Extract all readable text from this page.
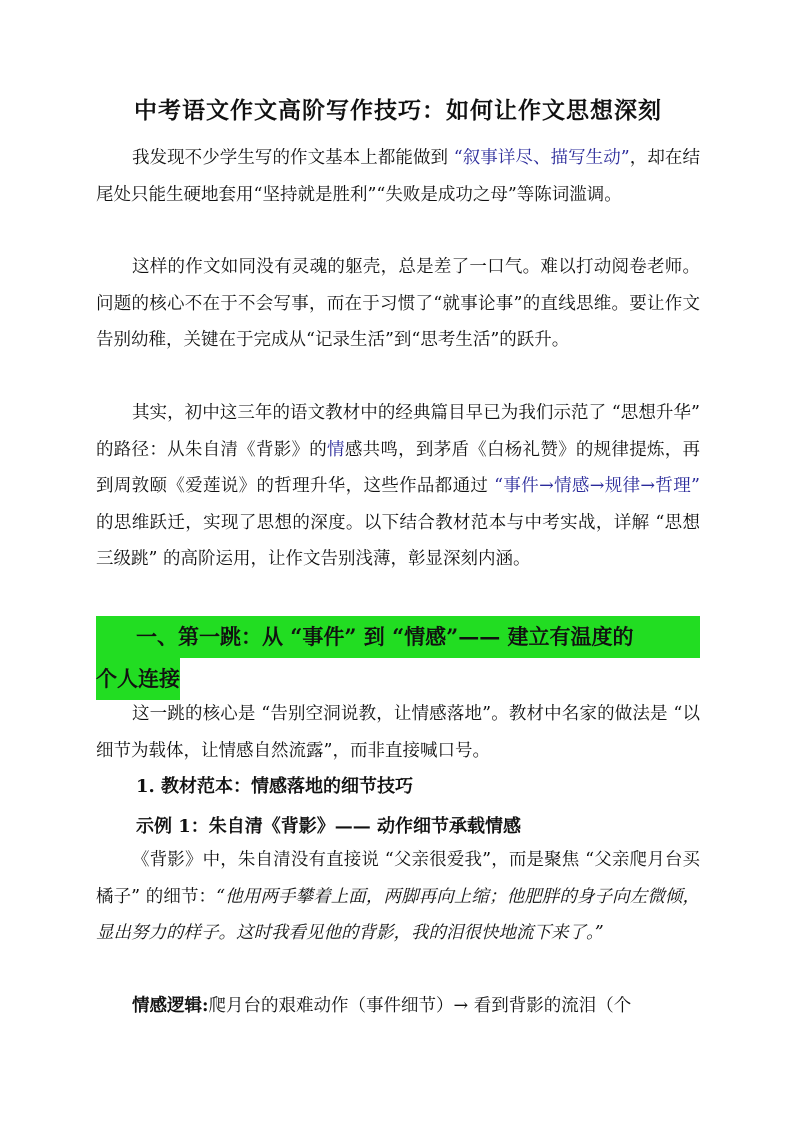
中考语文作文高阶写作技巧：如何让作文思想深刻

我发现不少学生写的作文基本上都能做到 “叙事详尽、描写生动”，却在结尾处只能生硬地套用“坚持就是胜利”“失败是成功之母”等陈词滥调。

这样的作文如同没有灵魂的躯壳，总是差了一口气。难以打动阅卷老师。问题的核心不在于不会写事，而在于习惯了“就事论事”的直线思维。要让作文告别幼稚，关键在于完成从“记录生活”到“思考生活”的跃升。

其实，初中这三年的语文教材中的经典篇目早已为我们示范了 “思想升华” 的路径：从朱自清《背影》的情感共鸣，到茅盾《白杨礼赞》的规律提炼，再到周敦颐《爱莲说》的哲理升华，这些作品都通过 “事件→情感→规律→哲理” 的思维跃迁，实现了思想的深度。以下结合教材范本与中考实战，详解 “思想三级跳” 的高阶运用，让作文告别浅薄，彰显深刻内涵。

一、第一跳：从 “事件” 到 “情感”—— 建立有温度的
个人连接

这一跳的核心是 “告别空洞说教，让情感落地”。教材中名家的做法是 “以细节为载体，让情感自然流露”，而非直接喊口号。

1. 教材范本：情感落地的细节技巧

示例 1：朱自清《背影》—— 动作细节承载情感

《背影》中，朱自清没有直接说 “父亲很爱我”，而是聚焦 “父亲爬月台买橘子” 的细节：“他用两手攀着上面，两脚再向上缩；他肥胖的身子向左微倾，显出努力的样子。这时我看见他的背影，我的泪很快地流下来了。”

情感逻辑:爬月台的艰难动作（事件细节）→ 看到背影的流泪（个
